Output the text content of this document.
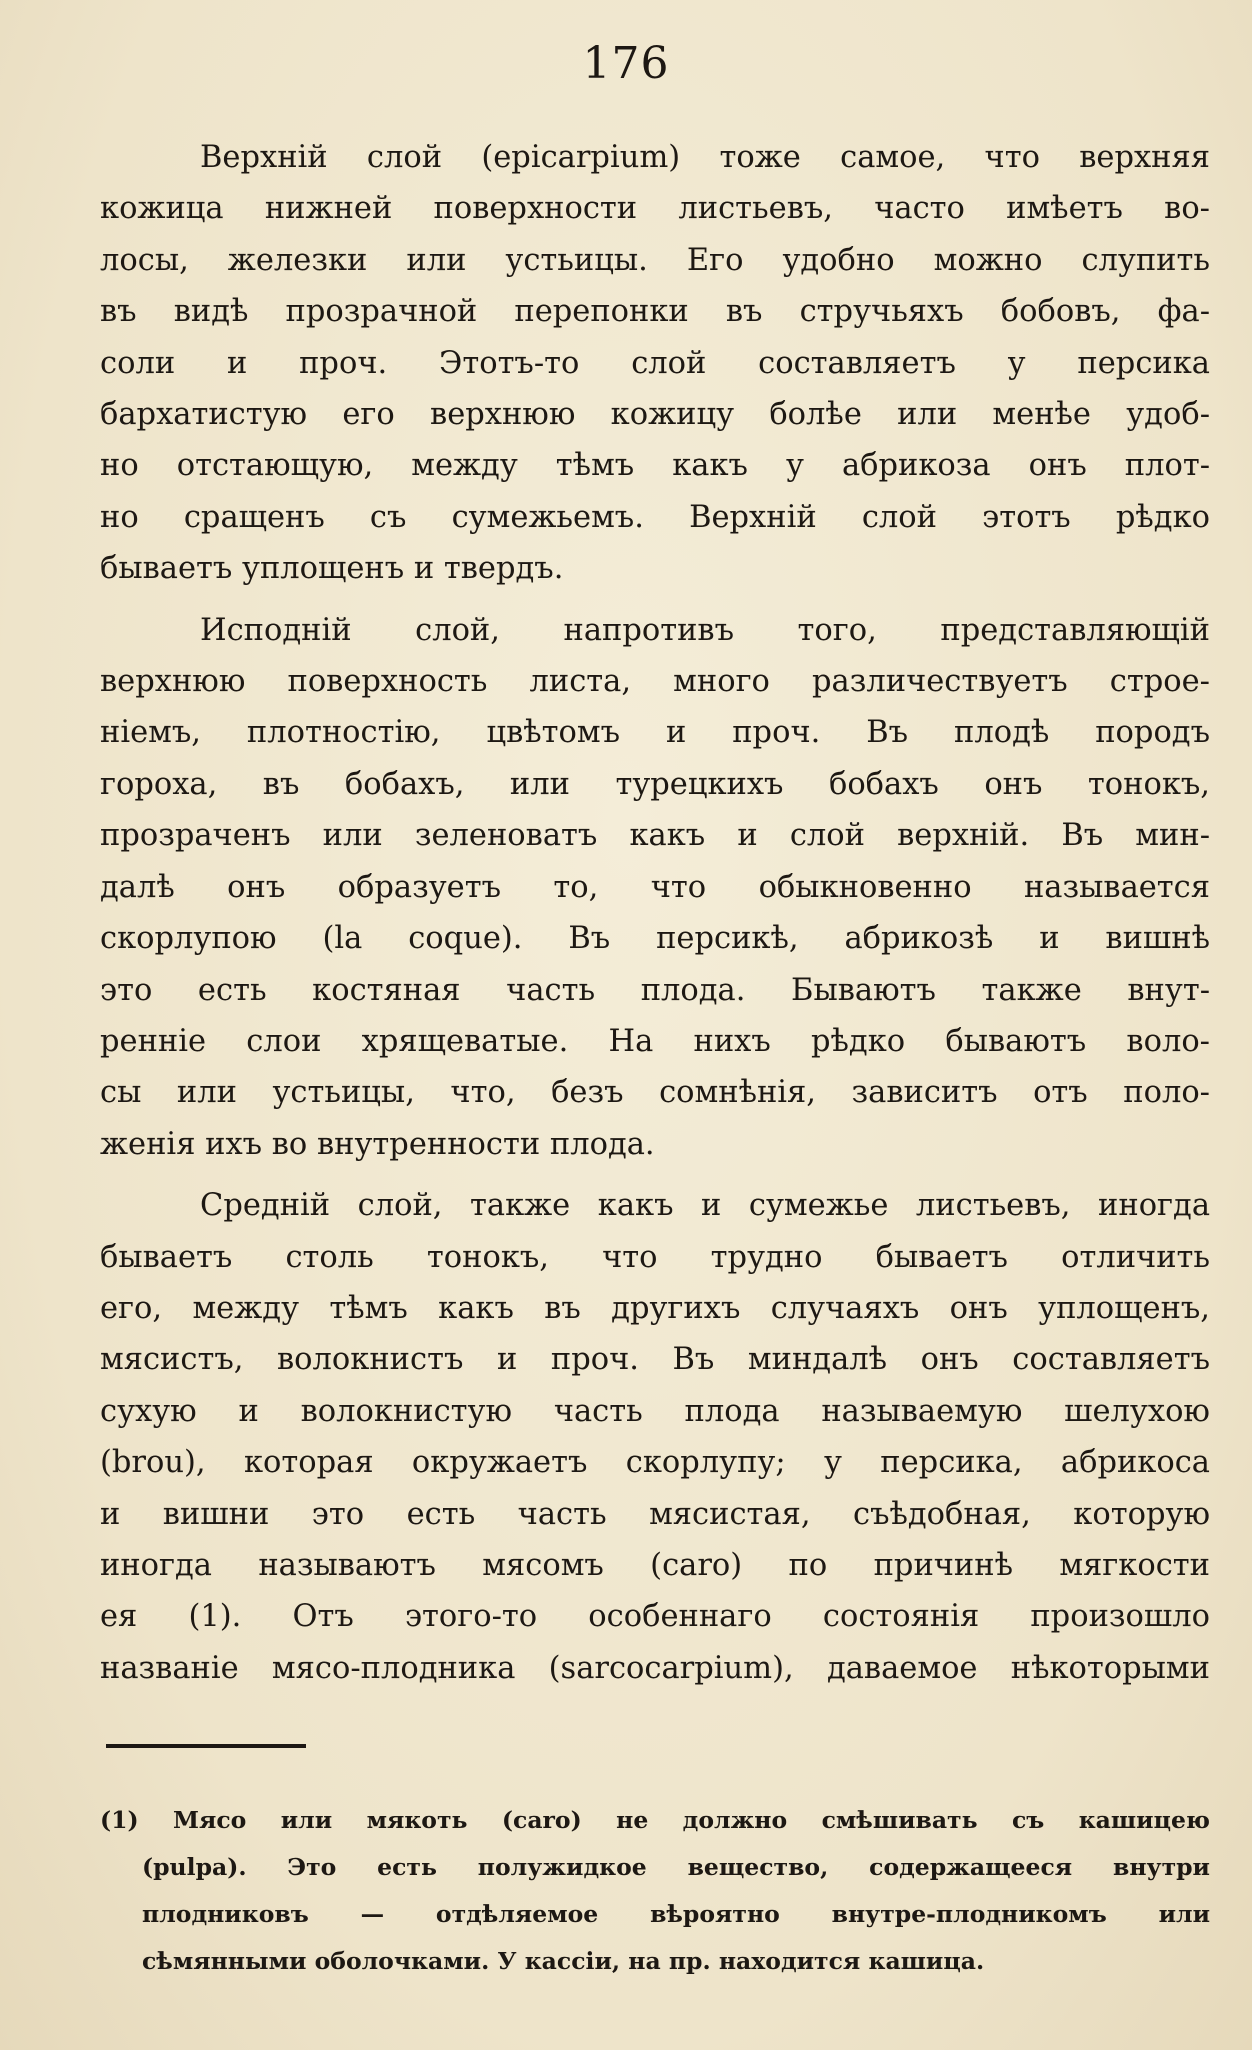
176
Верхній слой (epicarpium) тоже самое, что верхняя
кожица нижней поверхности листьевъ, часто имѣетъ во-
лосы, железки или устьицы. Его удобно можно слупить
въ видѣ прозрачной перепонки въ стручьяхъ бобовъ, фа-
соли и проч. Этотъ-то слой составляетъ у персика
бархатистую его верхнюю кожицу болѣе или менѣе удоб-
но отстающую, между тѣмъ какъ у абрикоза онъ плот-
но сращенъ съ сумежьемъ. Верхній слой этотъ рѣдко
бываетъ уплощенъ и твердъ.
Исподній слой, напротивъ того, представляющій
верхнюю поверхность листа, много различествуетъ строе-
ніемъ, плотностію, цвѣтомъ и проч. Въ плодѣ породъ
гороха, въ бобахъ, или турецкихъ бобахъ онъ тонокъ,
прозраченъ или зеленоватъ какъ и слой верхній. Въ мин-
далѣ онъ образуетъ то, что обыкновенно называется
скорлупою (la coque). Въ персикѣ, абрикозѣ и вишнѣ
это есть костяная часть плода. Бываютъ также внут-
ренніе слои хрящеватые. На нихъ рѣдко бываютъ воло-
сы или устьицы, что, безъ сомнѣнія, зависитъ отъ поло-
женія ихъ во внутренности плода.
Средній слой, также какъ и сумежье листьевъ, иногда
бываетъ столь тонокъ, что трудно бываетъ отличить
его, между тѣмъ какъ въ другихъ случаяхъ онъ уплощенъ,
мясистъ, волокнистъ и проч. Въ миндалѣ онъ составляетъ
сухую и волокнистую часть плода называемую шелухою
(brou), которая окружаетъ скорлупу; у персика, абрикоса
и вишни это есть часть мясистая, съѣдобная, которую
иногда называютъ мясомъ (caro) по причинѣ мягкости
ея (1). Отъ этого-то особеннаго состоянія произошло
названіе мясо-плодника (sarcocarpium), даваемое нѣкоторыми
(1) Мясо или мякоть (caro) не должно смѣшивать съ кашицею
(pulpa). Это есть полужидкое вещество, содержащееся внутри
плодниковъ — отдѣляемое вѣроятно внутре-плодникомъ или
сѣмянными оболочками. У кассіи, на пр. находится кашица.
